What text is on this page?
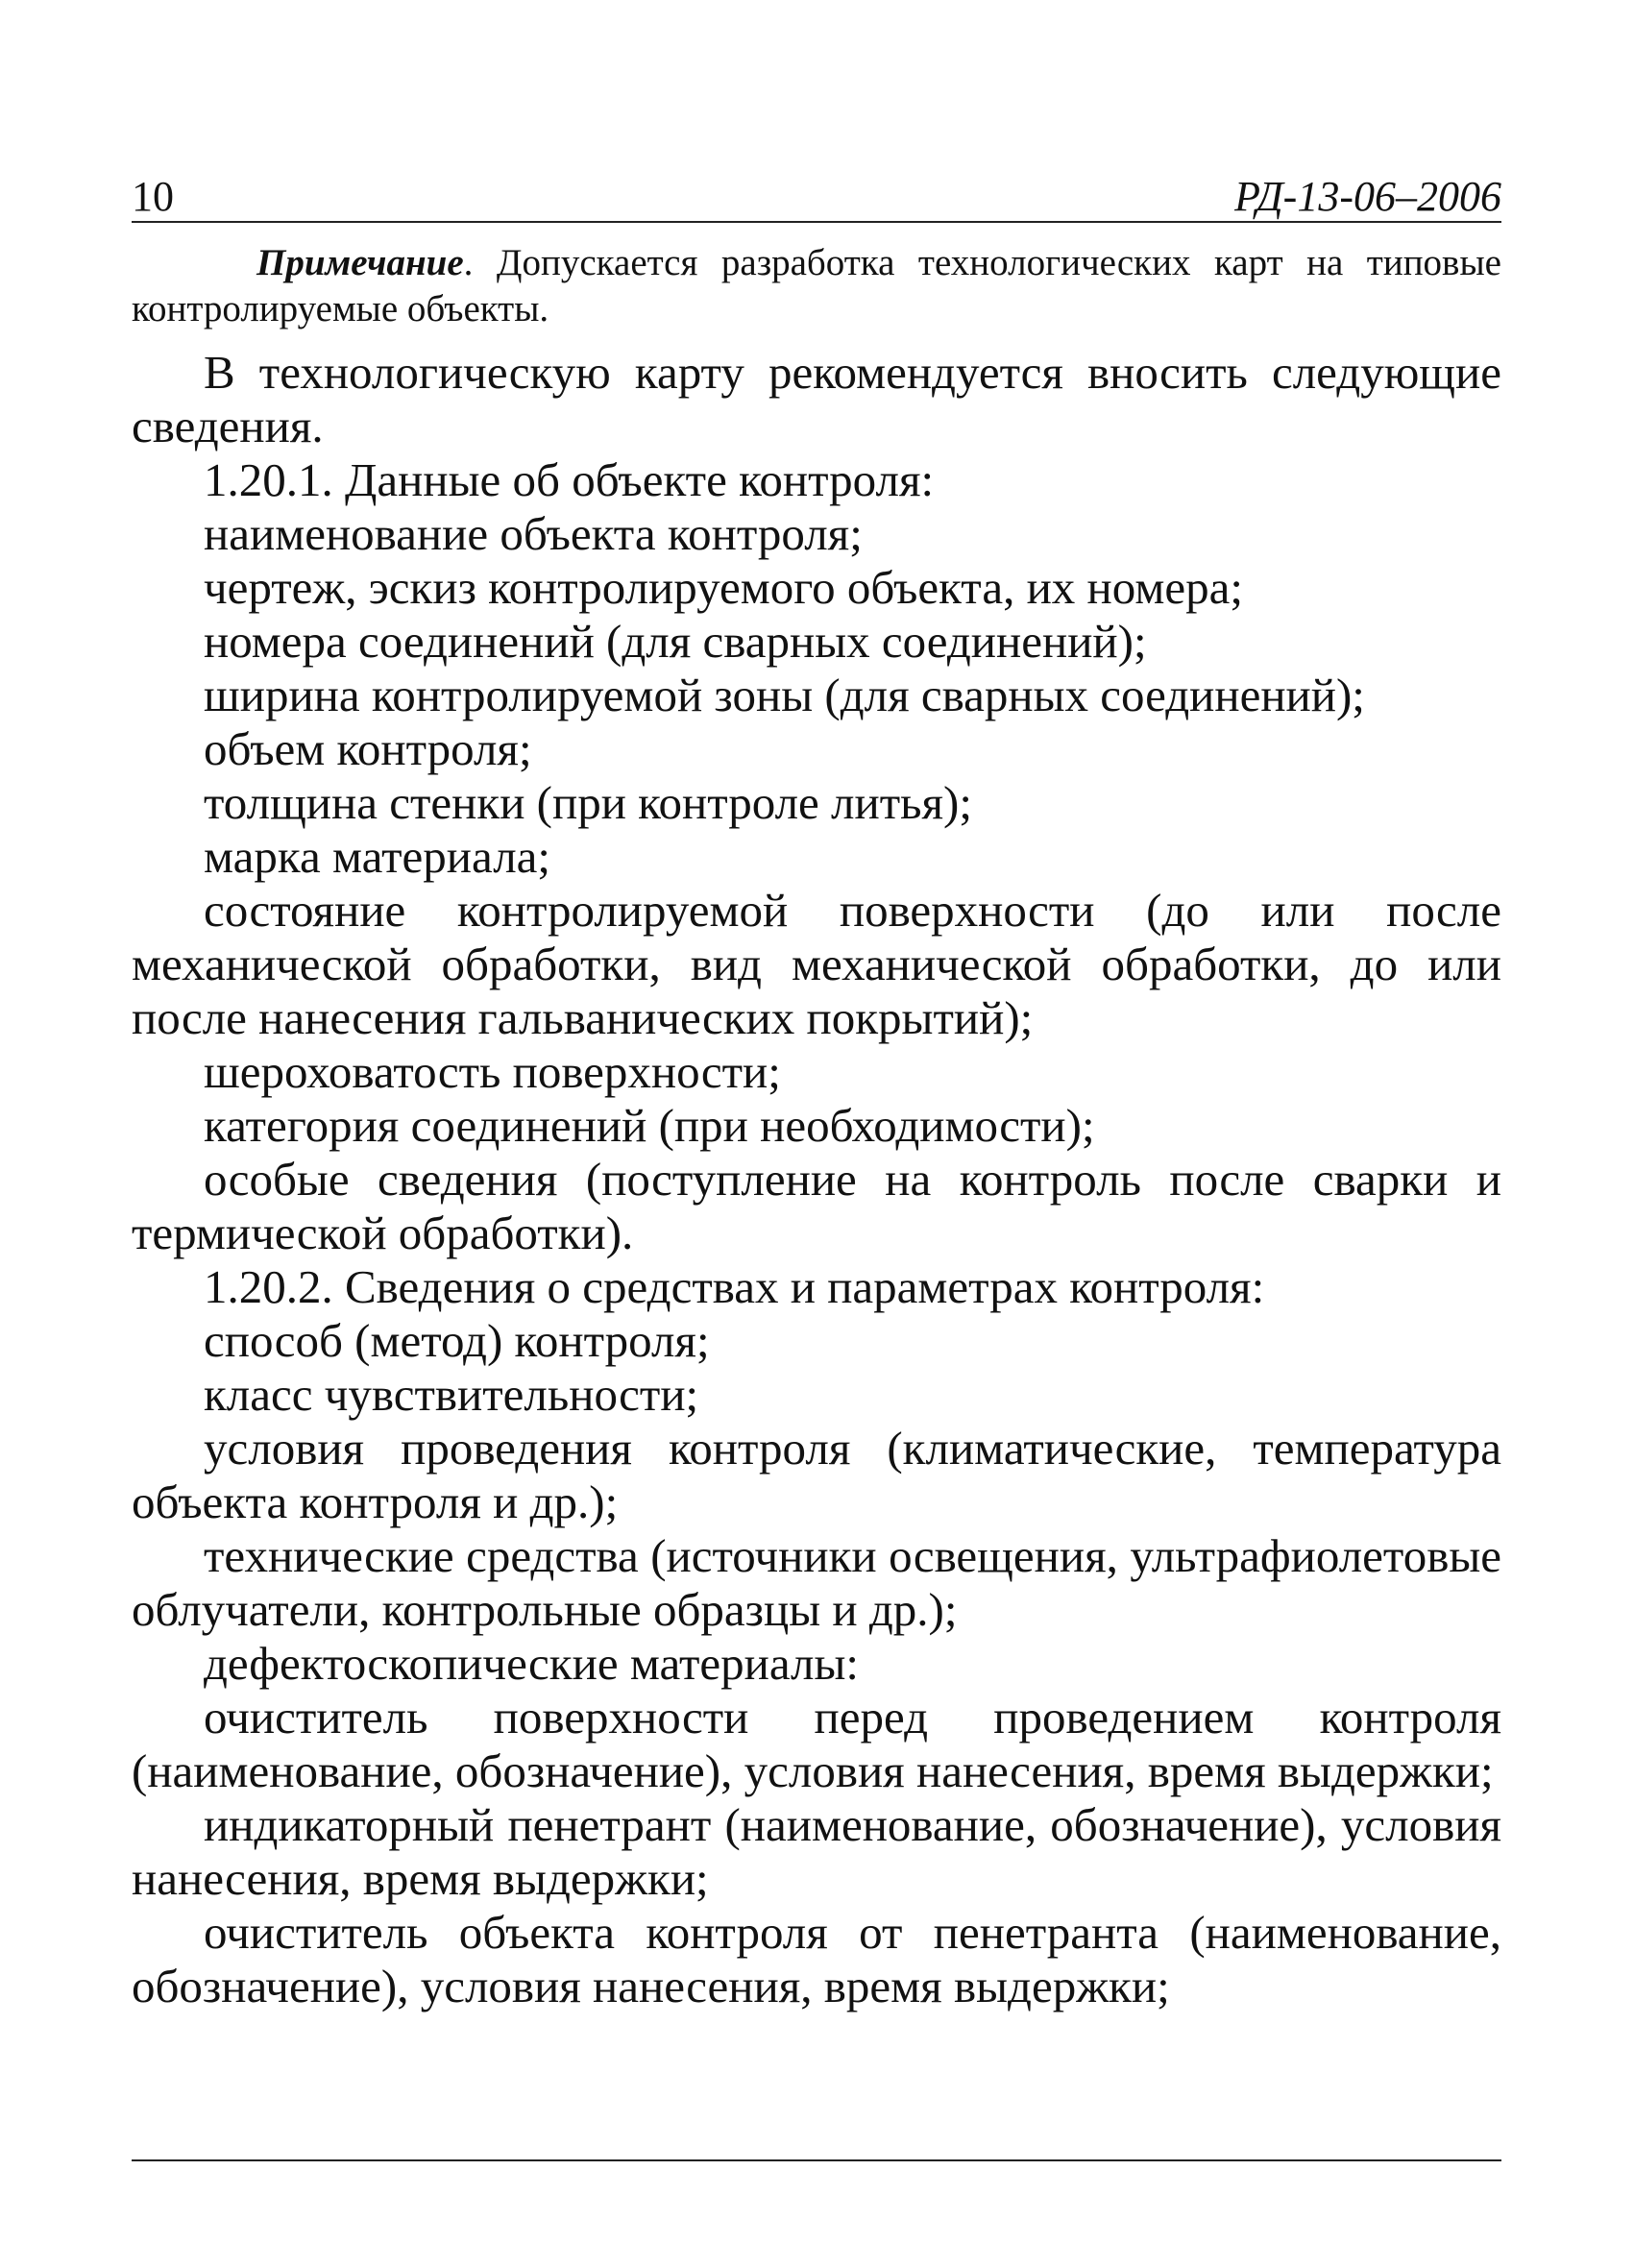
10	РД-13-06–2006

Примечание. Допускается разработка технологических карт на типовые контролируемые объекты.

В технологическую карту рекомендуется вносить следующие сведения.

1.20.1. Данные об объекте контроля:

наименование объекта контроля;

чертеж, эскиз контролируемого объекта, их номера;

номера соединений (для сварных соединений);

ширина контролируемой зоны (для сварных соединений);

объем контроля;

толщина стенки (при контроле литья);

марка материала;

состояние контролируемой поверхности (до или после механической обработки, вид механической обработки, до или после нанесения гальванических покрытий);

шероховатость поверхности;

категория соединений (при необходимости);

особые сведения (поступление на контроль после сварки и термической обработки).

1.20.2. Сведения о средствах и параметрах контроля:

способ (метод) контроля;

класс чувствительности;

условия проведения контроля (климатические, температура объекта контроля и др.);

технические средства (источники освещения, ультрафиолетовые облучатели, контрольные образцы и др.);

дефектоскопические материалы:

очиститель поверхности перед проведением контроля (наименование, обозначение), условия нанесения, время выдержки;

индикаторный пенетрант (наименование, обозначение), условия нанесения, время выдержки;

очиститель объекта контроля от пенетранта (наименование, обозначение), условия нанесения, время выдержки;
